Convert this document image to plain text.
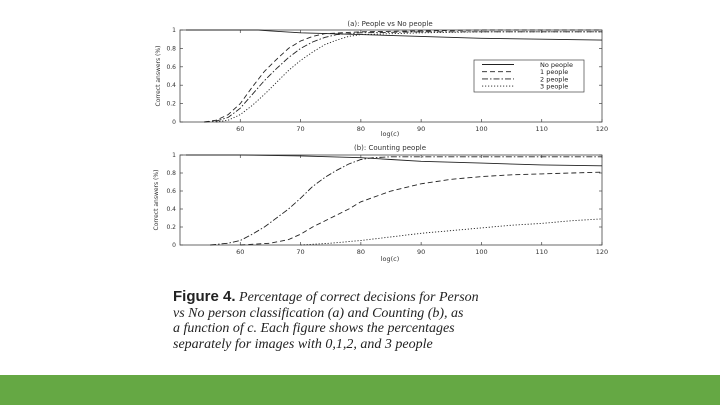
(a): People vs No people
60	70	80	90	100	110	120
0
0.2
0.4
0.6
0.8
1
log(c)
Correct answers (%)	No people
1 people
2 people
3 people
(b): Counting people
60	70	80	90	100	110	120
0
0.2
0.4
0.6
0.8
1
log(c)
Correct answers (%)
Figure 4. Percentage of correct decisions for Person
vs No person classification (a) and Counting (b), as
a function of c. Each figure shows the percentages
separately for images with 0,1,2, and 3 people
